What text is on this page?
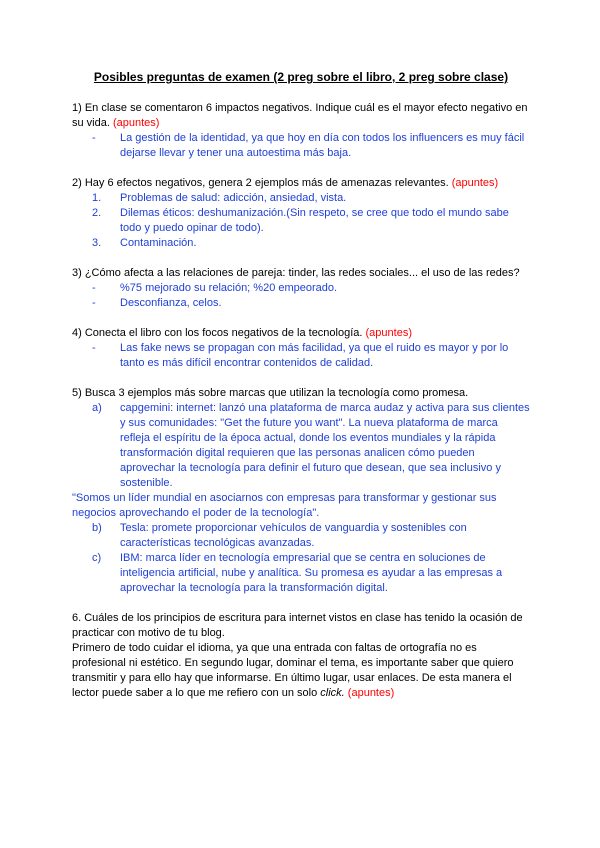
Posibles preguntas de examen (2 preg sobre el libro, 2 preg sobre clase)

1) En clase se comentaron 6 impactos negativos. Indique cuál es el mayor efecto negativo en su vida. (apuntes)

- La gestión de la identidad, ya que hoy en día con todos los influencers es muy fácil dejarse llevar y tener una autoestima más baja.

2) Hay 6 efectos negativos, genera 2 ejemplos más de amenazas relevantes. (apuntes)

1. Problemas de salud: adicción, ansiedad, vista.
2. Dilemas éticos: deshumanización.(Sin respeto, se cree que todo el mundo sabe todo y puedo opinar de todo).
3. Contaminación.

3) ¿Cómo afecta a las relaciones de pareja: tinder, las redes sociales... el uso de las redes?

- %75 mejorado su relación; %20 empeorado.
- Desconfianza, celos.

4) Conecta el libro con los focos negativos de la tecnología. (apuntes)

- Las fake news se propagan con más facilidad, ya que el ruido es mayor y por lo tanto es más difícil encontrar contenidos de calidad.

5) Busca 3 ejemplos más sobre marcas que utilizan la tecnología como promesa.

a) capgemini: internet: lanzó una plataforma de marca audaz y activa para sus clientes y sus comunidades: "Get the future you want". La nueva plataforma de marca refleja el espíritu de la época actual, donde los eventos mundiales y la rápida transformación digital requieren que las personas analicen cómo pueden aprovechar la tecnología para definir el futuro que desean, que sea inclusivo y sostenible.

"Somos un líder mundial en asociarnos con empresas para transformar y gestionar sus negocios aprovechando el poder de la tecnología".

b) Tesla: promete proporcionar vehículos de vanguardia y sostenibles con características tecnológicas avanzadas.
c) IBM: marca líder en tecnología empresarial que se centra en soluciones de inteligencia artificial, nube y analítica. Su promesa es ayudar a las empresas a aprovechar la tecnología para la transformación digital.

6. Cuáles de los principios de escritura para internet vistos en clase has tenido la ocasión de practicar con motivo de tu blog.

Primero de todo cuidar el idioma, ya que una entrada con faltas de ortografía no es profesional ni estético. En segundo lugar, dominar el tema, es importante saber que quiero transmitir y para ello hay que informarse. En último lugar, usar enlaces. De esta manera el lector puede saber a lo que me refiero con un solo click. (apuntes)
